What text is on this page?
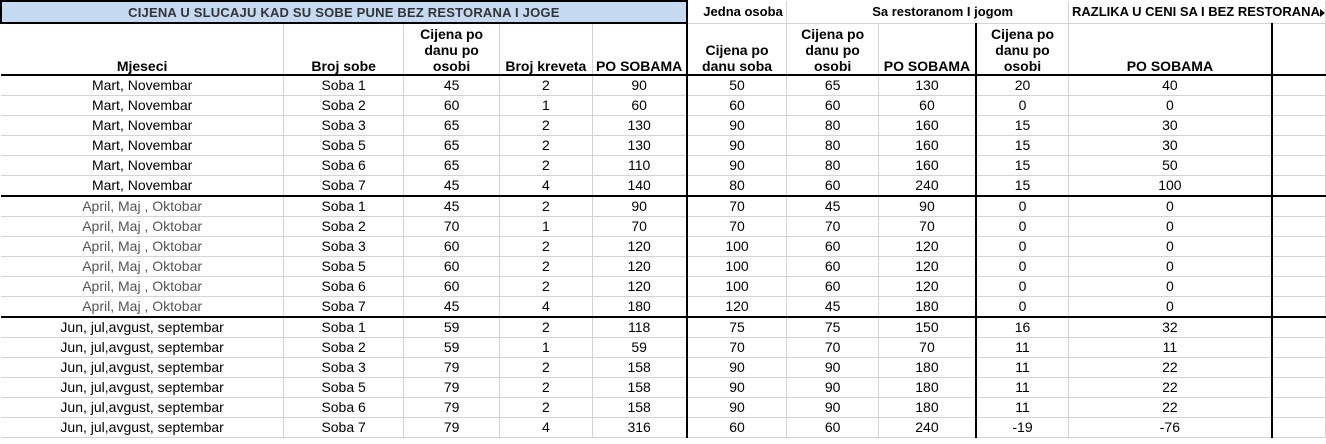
CIJENA U SLUCAJU KAD SU SOBE PUNE BEZ RESTORANA I JOGE					Jedna osoba	Sa restoranom I jogom			RAZLIKA U CENI SA I BEZ RESTORANA	
Mjeseci	Broj sobe	Cijena po danu po osobi	Broj kreveta	PO SOBAMA	Cijena po danu soba	Cijena po danu po osobi	PO SOBAMA	Cijena po danu po osobi	PO SOBAMA	
Mart, Novembar	Soba 1	45	2	90	50	65	130	20	40	
Mart, Novembar	Soba 2	60	1	60	60	60	60	0	0	
Mart, Novembar	Soba 3	65	2	130	90	80	160	15	30	
Mart, Novembar	Soba 5	65	2	130	90	80	160	15	30	
Mart, Novembar	Soba 6	65	2	110	90	80	160	15	50	
Mart, Novembar	Soba 7	45	4	140	80	60	240	15	100	
April, Maj , Oktobar	Soba 1	45	2	90	70	45	90	0	0	
April, Maj , Oktobar	Soba 2	70	1	70	70	70	70	0	0	
April, Maj , Oktobar	Soba 3	60	2	120	100	60	120	0	0	
April, Maj , Oktobar	Soba 5	60	2	120	100	60	120	0	0	
April, Maj , Oktobar	Soba 6	60	2	120	100	60	120	0	0	
April, Maj , Oktobar	Soba 7	45	4	180	120	45	180	0	0	
Jun, jul,avgust, septembar	Soba 1	59	2	118	75	75	150	16	32	
Jun, jul,avgust, septembar	Soba 2	59	1	59	70	70	70	11	11	
Jun, jul,avgust, septembar	Soba 3	79	2	158	90	90	180	11	22	
Jun, jul,avgust, septembar	Soba 5	79	2	158	90	90	180	11	22	
Jun, jul,avgust, septembar	Soba 6	79	2	158	90	90	180	11	22	
Jun, jul,avgust, septembar	Soba 7	79	4	316	60	60	240	-19	-76	
